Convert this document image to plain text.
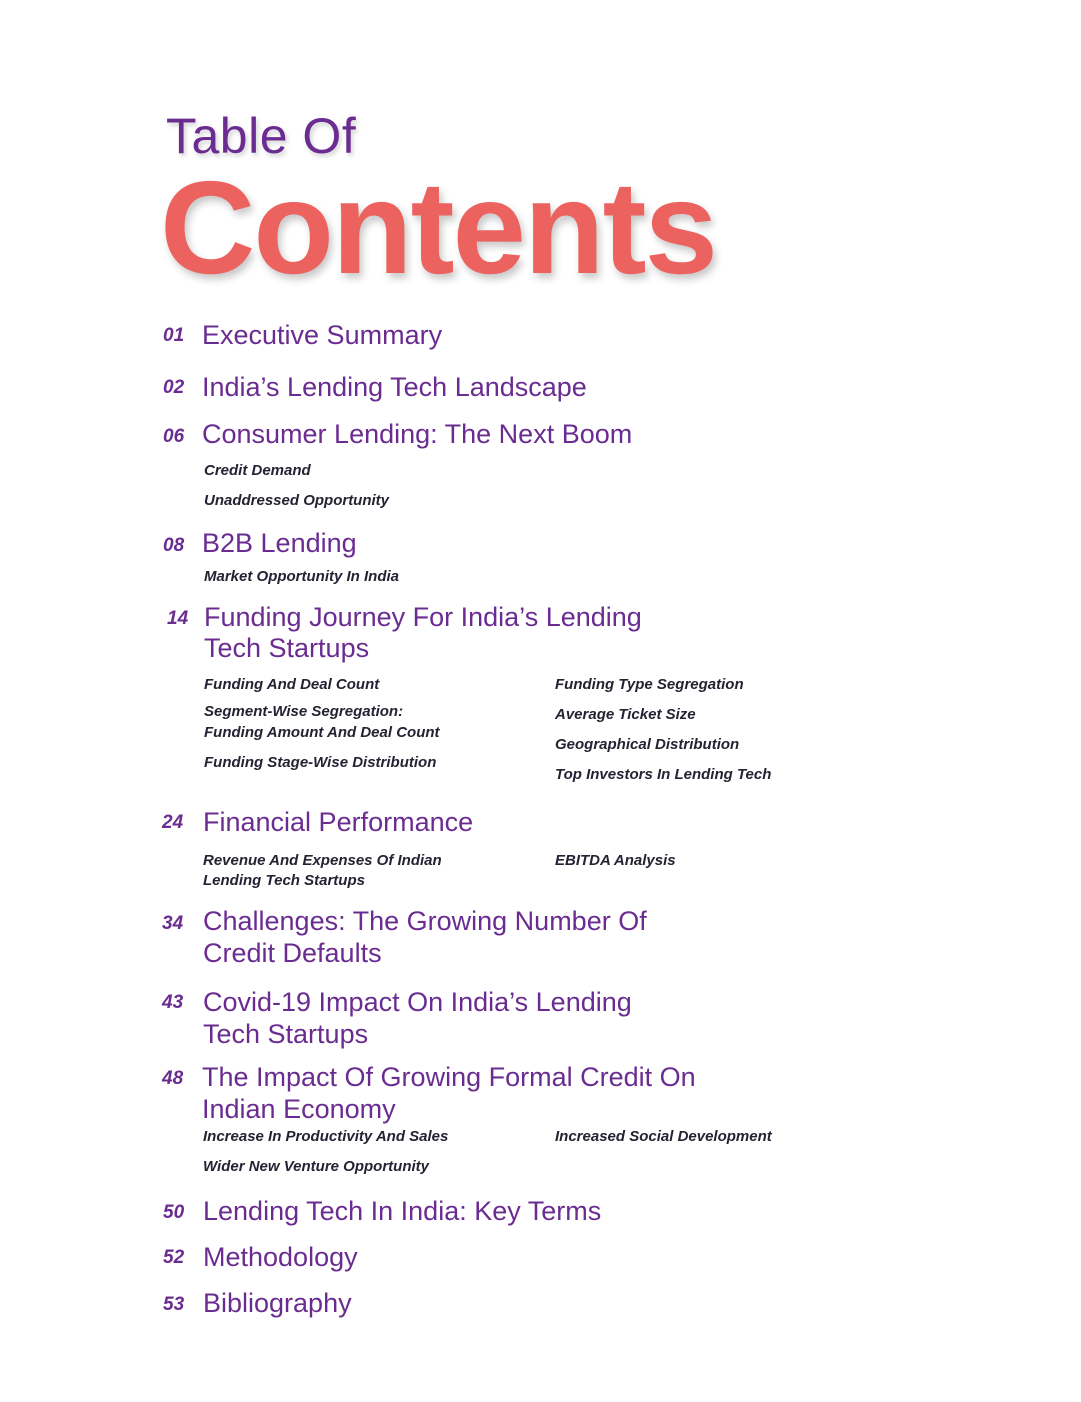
Table Of
Contents
01 Executive Summary
02 India’s Lending Tech Landscape
06 Consumer Lending: The Next Boom
Credit Demand
Unaddressed Opportunity
08 B2B Lending
Market Opportunity In India
14 Funding Journey For India’s Lending
Tech Startups
Funding And Deal Count
Segment-Wise Segregation:
Funding Amount And Deal Count
Funding Stage-Wise Distribution
Funding Type Segregation
Average Ticket Size
Geographical Distribution
Top Investors In Lending Tech
24 Financial Performance
Revenue And Expenses Of Indian
Lending Tech Startups
EBITDA Analysis
34 Challenges: The Growing Number Of
Credit Defaults
43 Covid-19 Impact On India’s Lending
Tech Startups
48 The Impact Of Growing Formal Credit On
Indian Economy
Increase In Productivity And Sales
Wider New Venture Opportunity
Increased Social Development
50 Lending Tech In India: Key Terms
52 Methodology
53 Bibliography
